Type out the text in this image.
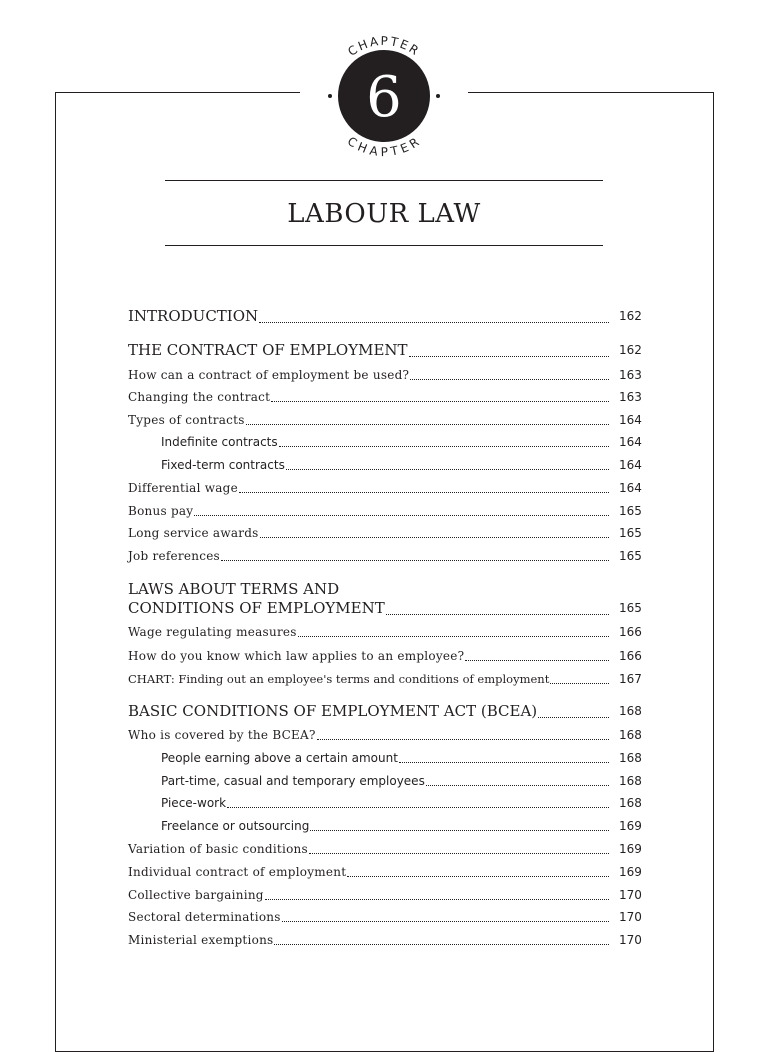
CHAPTER
CHAPTER
6
LABOUR LAW
INTRODUCTION	162
THE CONTRACT OF EMPLOYMENT	162
How can a contract of employment be used?	163
Changing the contract	163
Types of contracts	164
Indefinite contracts	164
Fixed-term contracts	164
Differential wage	164
Bonus pay	165
Long service awards	165
Job references	165
LAWS ABOUT TERMS AND
CONDITIONS OF EMPLOYMENT	165
Wage regulating measures	166
How do you know which law applies to an employee?	166
CHART: Finding out an employee's terms and conditions of employment	167
BASIC CONDITIONS OF EMPLOYMENT ACT (BCEA)	168
Who is covered by the BCEA?	168
People earning above a certain amount	168
Part-time, casual and temporary employees	168
Piece-work	168
Freelance or outsourcing	169
Variation of basic conditions	169
Individual contract of employment	169
Collective bargaining	170
Sectoral determinations	170
Ministerial exemptions	170
